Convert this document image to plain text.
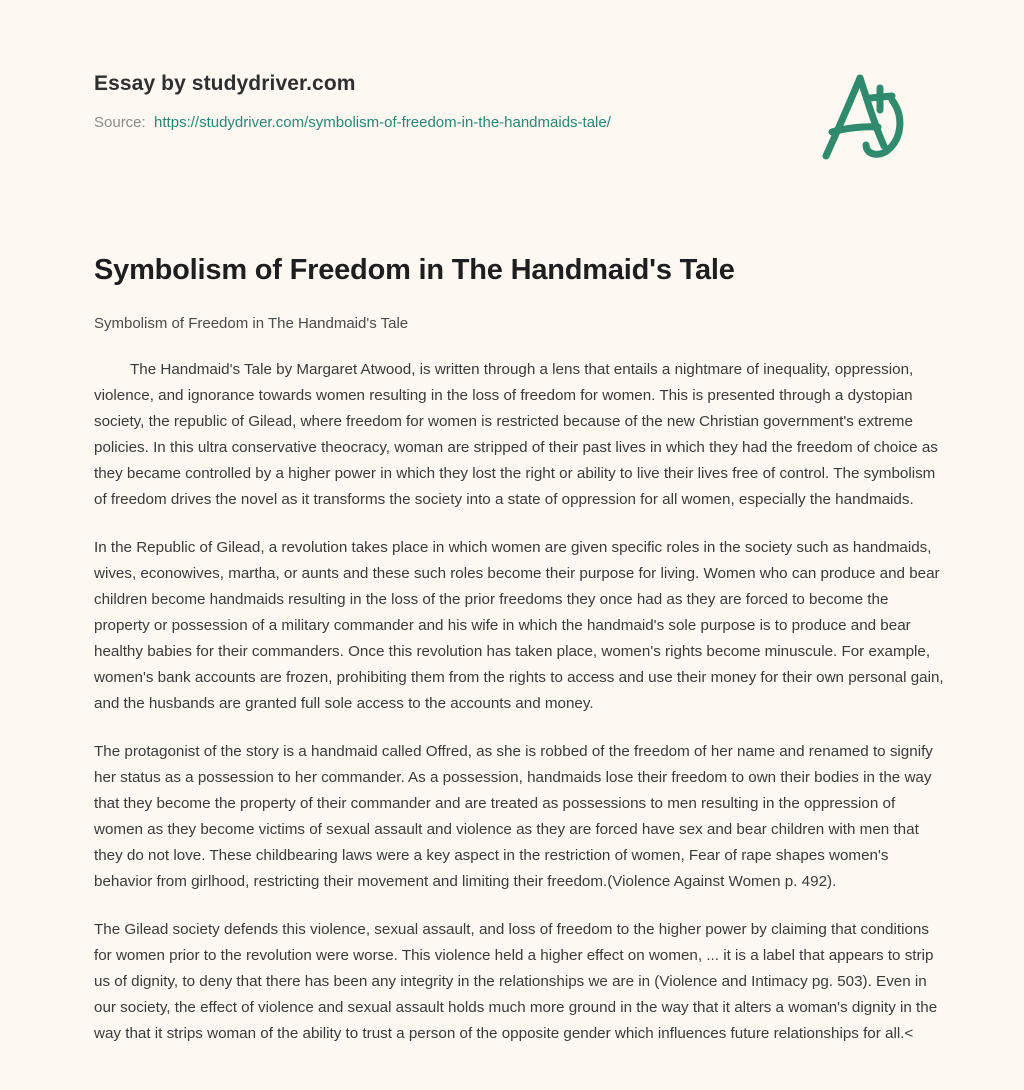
Essay by studydriver.com
Source: https://studydriver.com/symbolism-of-freedom-in-the-handmaids-tale/
Symbolism of Freedom in The Handmaid's Tale
Symbolism of Freedom in The Handmaid's Tale

The Handmaid's Tale by Margaret Atwood, is written through a lens that entails a nightmare of inequality, oppression, violence, and ignorance towards women resulting in the loss of freedom for women. This is presented through a dystopian society, the republic of Gilead, where freedom for women is restricted because of the new Christian government's extreme policies. In this ultra conservative theocracy, woman are stripped of their past lives in which they had the freedom of choice as they became controlled by a higher power in which they lost the right or ability to live their lives free of control. The symbolism of freedom drives the novel as it transforms the society into a state of oppression for all women, especially the handmaids.

In the Republic of Gilead, a revolution takes place in which women are given specific roles in the society such as handmaids, wives, econowives, martha, or aunts and these such roles become their purpose for living. Women who can produce and bear children become handmaids resulting in the loss of the prior freedoms they once had as they are forced to become the property or possession of a military commander and his wife in which the handmaid's sole purpose is to produce and bear healthy babies for their commanders. Once this revolution has taken place, women's rights become minuscule. For example, women's bank accounts are frozen, prohibiting them from the rights to access and use their money for their own personal gain, and the husbands are granted full sole access to the accounts and money.

The protagonist of the story is a handmaid called Offred, as she is robbed of the freedom of her name and renamed to signify her status as a possession to her commander. As a possession, handmaids lose their freedom to own their bodies in the way that they become the property of their commander and are treated as possessions to men resulting in the oppression of women as they become victims of sexual assault and violence as they are forced have sex and bear children with men that they do not love. These childbearing laws were a key aspect in the restriction of women, Fear of rape shapes women's behavior from girlhood, restricting their movement and limiting their freedom.(Violence Against Women p. 492).

The Gilead society defends this violence, sexual assault, and loss of freedom to the higher power by claiming that conditions for women prior to the revolution were worse. This violence held a higher effect on women, ... it is a label that appears to strip us of dignity, to deny that there has been any integrity in the relationships we are in (Violence and Intimacy pg. 503). Even in our society, the effect of violence and sexual assault holds much more ground in the way that it alters a woman's dignity in the way that it strips woman of the ability to trust a person of the opposite gender which influences future relationships for all.<
